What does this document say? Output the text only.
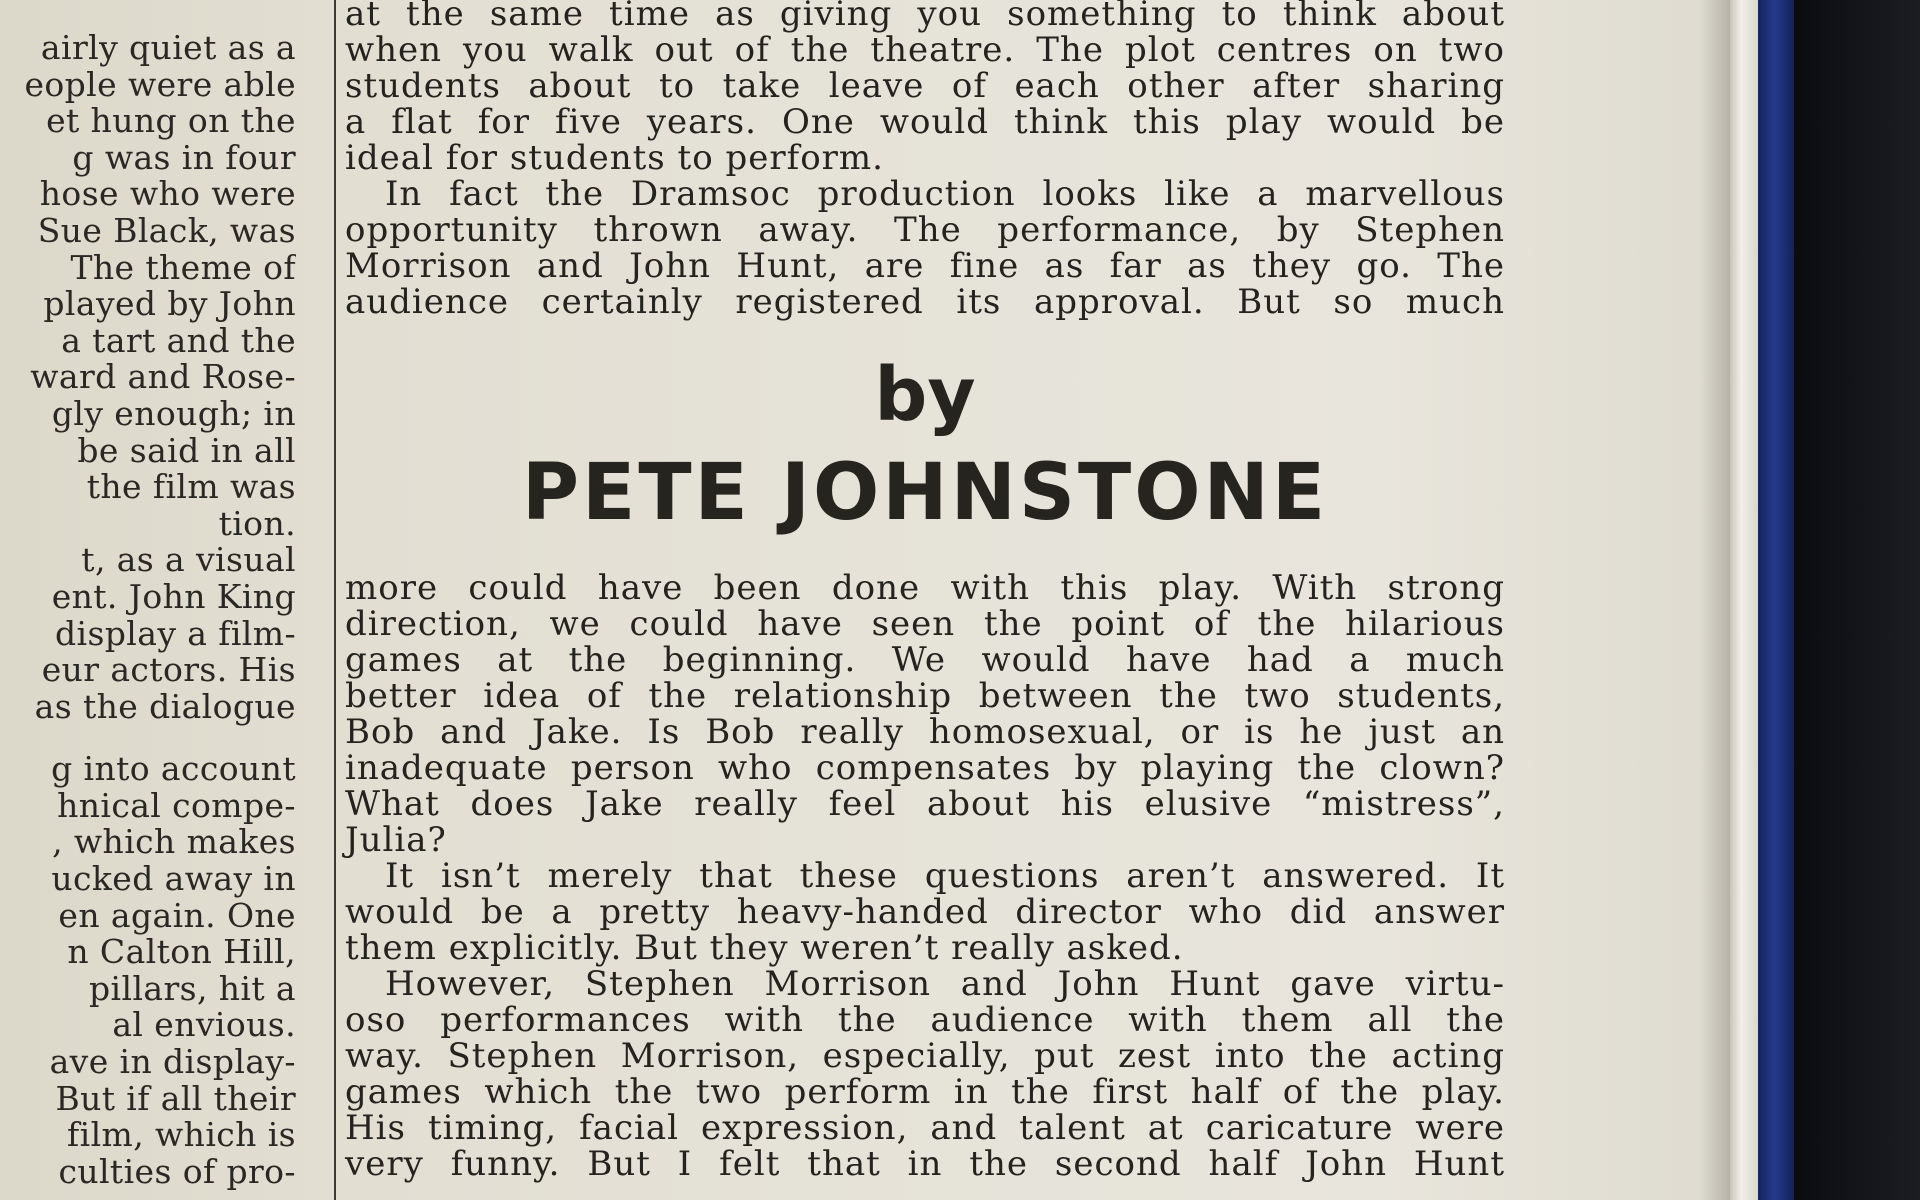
airly quiet as a
eople were able
et hung on the
g was in four
hose who were
Sue Black, was
The theme of
played by John
a tart and the
ward and Rose-
gly enough; in
be said in all
the film was
tion.
t, as a visual
ent. John King
display a film-
eur actors. His
as the dialogue
g into account
hnical compe-
, which makes
ucked away in
en again. One
n Calton Hill,
pillars, hit a
al envious.
ave in display-
But if all their
film, which is
culties of pro-
at the same time as giving you something to think about
when you walk out of the theatre. The plot centres on two
students about to take leave of each other after sharing
a flat for five years. One would think this play would be
ideal for students to perform.
In fact the Dramsoc production looks like a marvellous
opportunity thrown away. The performance, by Stephen
Morrison and John Hunt, are fine as far as they go. The
audience certainly registered its approval. But so much
more could have been done with this play. With strong
direction, we could have seen the point of the hilarious
games at the beginning. We would have had a much
better idea of the relationship between the two students,
Bob and Jake. Is Bob really homosexual, or is he just an
inadequate person who compensates by playing the clown?
What does Jake really feel about his elusive “mistress”,
Julia?
It isn’t merely that these questions aren’t answered. It
would be a pretty heavy-handed director who did answer
them explicitly. But they weren’t really asked.
However, Stephen Morrison and John Hunt gave virtu-
oso performances with the audience with them all the
way. Stephen Morrison, especially, put zest into the acting
games which the two perform in the first half of the play.
His timing, facial expression, and talent at caricature were
very funny. But I felt that in the second half John Hunt
by
PETE JOHNSTONE
